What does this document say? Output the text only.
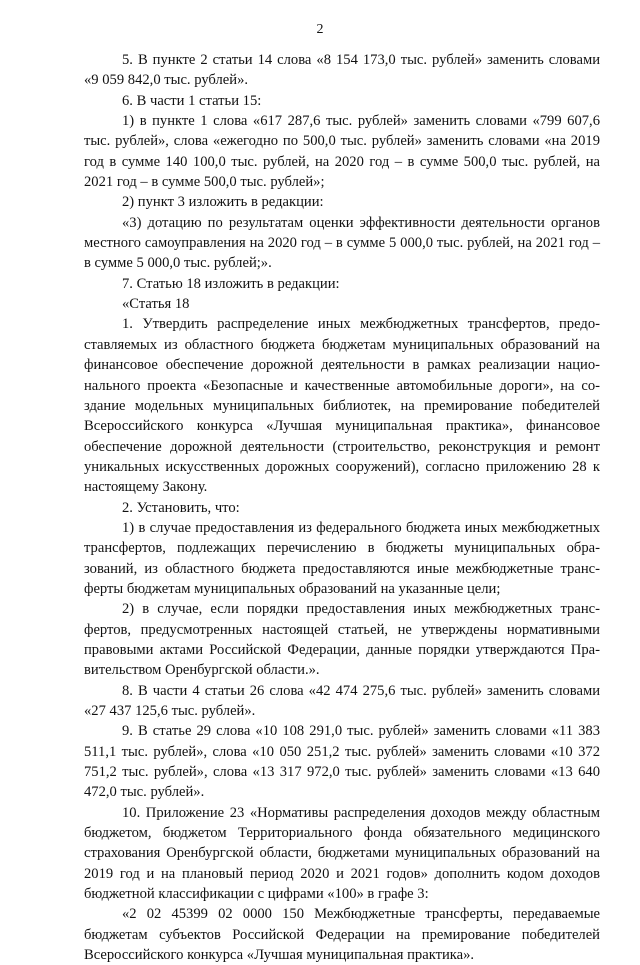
2

5. В пункте 2 статьи 14 слова «8 154 173,0 тыс. рублей» заменить словами «9 059 842,0 тыс. рублей».

6. В части 1 статьи 15:

1) в пункте 1 слова «617 287,6 тыс. рублей» заменить словами «799 607,6 тыс. рублей», слова «ежегодно по 500,0 тыс. рублей» заменить словами «на 2019 год в сумме 140 100,0 тыс. рублей, на 2020 год – в сумме 500,0 тыс. рублей, на 2021 год – в сумме 500,0 тыс. рублей»;

2) пункт 3 изложить в редакции:

«3) дотацию по результатам оценки эффективности деятельности органов местного самоуправления на 2020 год – в сумме 5 000,0 тыс. рублей, на 2021 год – в сумме 5 000,0 тыс. рублей;».

7. Статью 18 изложить в редакции:

«Статья 18

1. Утвердить распределение иных межбюджетных трансфертов, предоставляемых из областного бюджета бюджетам муниципальных образований на финансовое обеспечение дорожной деятельности в рамках реализации национального проекта «Безопасные и качественные автомобильные дороги», на создание модельных муниципальных библиотек, на премирование победителей Всероссийского конкурса «Лучшая муниципальная практика», финансовое обеспечение дорожной деятельности (строительство, реконструкция и ремонт уникальных искусственных дорожных сооружений), согласно приложению 28 к настоящему Закону.

2. Установить, что:

1) в случае предоставления из федерального бюджета иных межбюджетных трансфертов, подлежащих перечислению в бюджеты муниципальных образований, из областного бюджета предоставляются иные межбюджетные трансферты бюджетам муниципальных образований на указанные цели;

2) в случае, если порядки предоставления иных межбюджетных трансфертов, предусмотренных настоящей статьей, не утверждены нормативными правовыми актами Российской Федерации, данные порядки утверждаются Правительством Оренбургской области.».

8. В части 4 статьи 26 слова «42 474 275,6 тыс. рублей» заменить словами «27 437 125,6 тыс. рублей».

9. В статье 29 слова «10 108 291,0 тыс. рублей» заменить словами «11 383 511,1 тыс. рублей», слова «10 050 251,2 тыс. рублей» заменить словами «10 372 751,2 тыс. рублей», слова «13 317 972,0 тыс. рублей» заменить словами «13 640 472,0 тыс. рублей».

10. Приложение 23 «Нормативы распределения доходов между областным бюджетом, бюджетом Территориального фонда обязательного медицинского страхования Оренбургской области, бюджетами муниципальных образований на 2019 год и на плановый период 2020 и 2021 годов» дополнить кодом доходов бюджетной классификации с цифрами «100» в графе 3:

«2 02 45399 02 0000 150 Межбюджетные трансферты, передаваемые бюджетам субъектов Российской Федерации на премирование победителей Всероссийского конкурса «Лучшая муниципальная практика».
